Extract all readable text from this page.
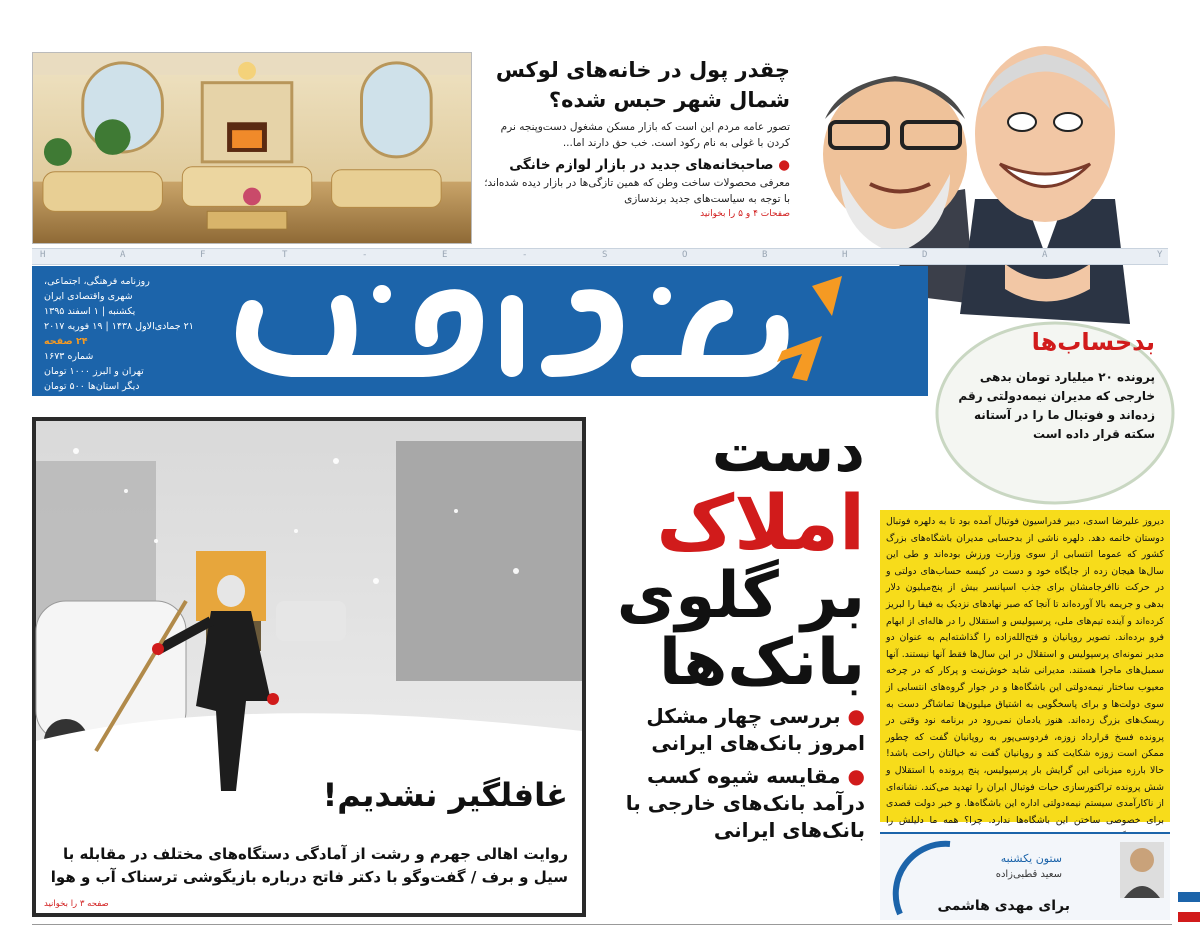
چقدر پول در خانه‌های لوکس شمال شهر حبس شده؟
تصور عامه مردم این است که بازار مسکن مشغول دست‌وپنجه نرم کردن با غولی به نام رکود است. خب حق دارند اما...
● صاحبخانه‌های جدید در بازار لوازم خانگی
معرفی محصولات ساخت وطن که همین تازگی‌ها در بازار دیده شده‌اند؛ با توجه به سیاست‌های جدید برندسازی
صفحات ۴ و ۵ را بخوانید
H	A	F	T	-	E	-	S	O	B	H	D	A	Y
روزنامه فرهنگی، اجتماعی،
شهری واقتصادی ایران
یکشنبه | ۱ اسفند ۱۳۹۵
۲۱ جمادی‌الاول ۱۴۳۸ | ۱۹ فوریه ۲۰۱۷
۲۴ صفحه
شماره ۱۶۷۳
تهران و البرز ۱۰۰۰ تومان
دیگر استان‌ها ۵۰۰ تومان
بدحساب‌ها
پرونده ۲۰ میلیارد تومان بدهی خارجی که مدیران نیمه‌دولتی رقم زده‌اند و فوتبال ما را در آستانه سکته قرار داده است
غافلگیر نشدیم!
روایت اهالی جهرم و رشت از آمادگی دستگاه‌های مختلف در مقابله با سیل و برف / گفت‌وگو با دکتر فاتح درباره بازیگوشی ترسناک آب و هوا
صفحه ۳ را بخوانید
دست
املاک
بر گلوی
بانک‌ها
● بررسی چهار مشکل امروز بانک‌های ایرانی
● مقایسه شیوه کسب درآمد بانک‌های خارجی با بانک‌های ایرانی
دیروز علیرضا اسدی، دبیر فدراسیون فوتبال آمده بود تا به دلهره فوتبال دوستان خاتمه دهد. دلهره ناشی از بدحسابی مدیران باشگاه‌های بزرگ کشور که عموما انتسابی از سوی وزارت ورزش بوده‌اند و طی این سال‌ها هیجان زده از جایگاه خود و دست در کیسه حساب‌های دولتی و در حرکت ناافرجامشان برای جذب اسپانسر بیش از پنج‌میلیون دلار بدهی و جریمه بالا آورده‌اند تا آنجا که صبر نهادهای نزدیک به فیفا را لبریز کرده‌اند و آینده تیم‌های ملی، پرسپولیس و استقلال را در هاله‌ای از ابهام فرو برده‌اند. تصویر روپانیان و فتح‌الله‌زاده را گذاشته‌ایم به عنوان دو مدیر نمونه‌ای پرسپولیس و استقلال در این سال‌ها فقط آنها نیستند. آنها سمبل‌های ماجرا هستند. مدیرانی شاید خوش‌نیت و پرکار که در چرخه معیوب ساختار نیمه‌دولتی این باشگاه‌ها و در جوار گروه‌های انتسابی از سوی دولت‌ها و برای پاسخگویی به اشتیاق میلیون‌ها تماشاگر دست به ریسک‌های بزرگ زده‌اند. هنوز یادمان نمی‌رود در برنامه نود وقتی در پرونده فسخ قرارداد زوزه، فردوسی‌پور به روپانیان گفت که چطور ممکن است زوزه شکایت کند و روپانیان گفت نه خیالتان راحت باشد! حالا بارزه میزبانی این گرایش بار پرسپولیس، پنج پرونده با استقلال و شش پرونده تراکتورسازی حیات فوتبال ایران را تهدید می‌کند. نشانه‌ای از ناکارآمدی سیستم نیمه‌دولتی اداره این باشگاه‌ها. و خبر دولت قصدی برای خصوصی ساختن این باشگاه‌ها ندارد. چرا؟ همه ما دلیلش را
ستون یکشنبه
سعید قطبی‌زاده
برای مهدی هاشمی
